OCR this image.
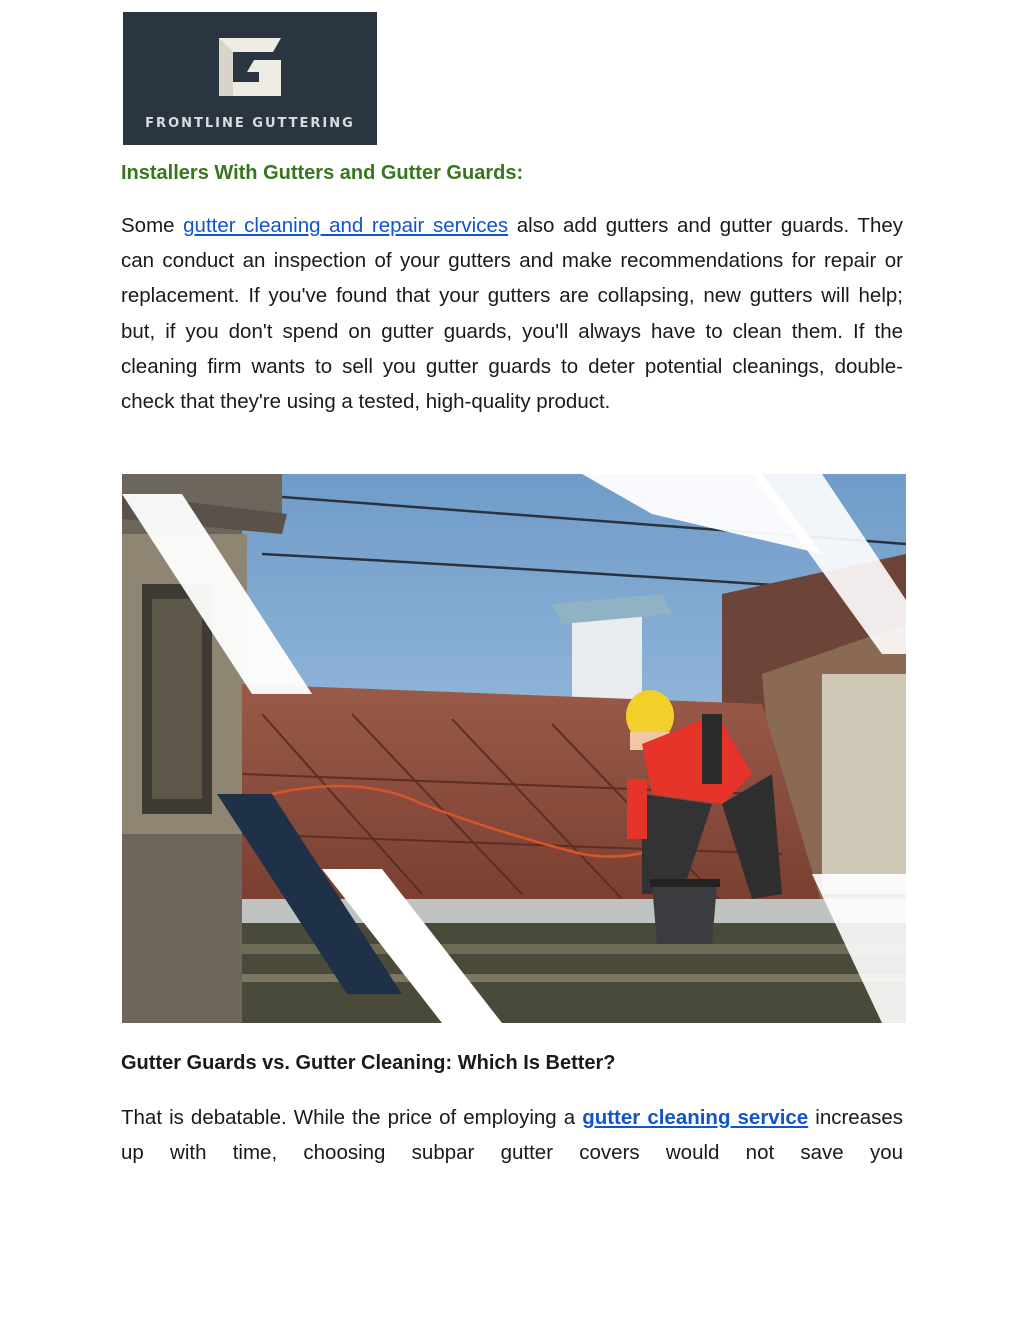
FRONTLINE GUTTERING
Installers With Gutters and Gutter Guards:

Some gutter cleaning and repair services also add gutters and gutter guards. They can conduct an inspection of your gutters and make recommendations for repair or replacement. If you've found that your gutters are collapsing, new gutters will help; but, if you don't spend on gutter guards, you'll always have to clean them. If the cleaning firm wants to sell you gutter guards to deter potential cleanings, double-check that they're using a tested, high-quality product.

Gutter Guards vs. Gutter Cleaning: Which Is Better?

That is debatable. While the price of employing a gutter cleaning service increases up with time, choosing subpar gutter covers would not save you
